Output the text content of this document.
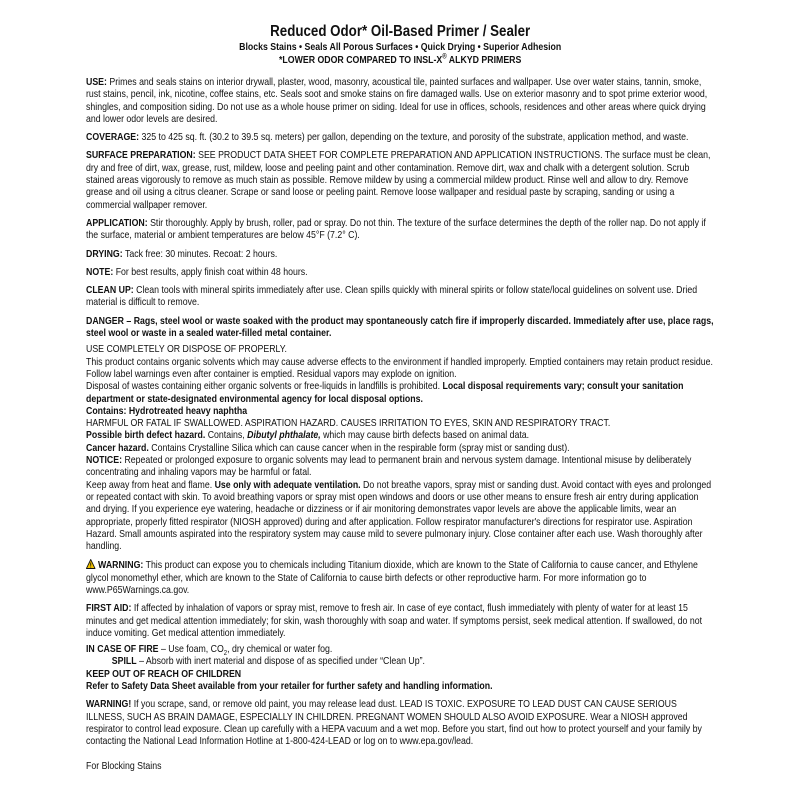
Reduced Odor* Oil-Based Primer / Sealer
Blocks Stains • Seals All Porous Surfaces • Quick Drying • Superior Adhesion
*LOWER ODOR COMPARED TO INSL-X® ALKYD PRIMERS

USE: Primes and seals stains on interior drywall, plaster, wood, masonry, acoustical tile, painted surfaces and wallpaper. Use over water stains, tannin, smoke, rust stains, pencil, ink, nicotine, coffee stains, etc. Seals soot and smoke stains on fire damaged walls. Use on exterior masonry and to spot prime exterior wood, shingles, and composition siding. Do not use as a whole house primer on siding. Ideal for use in offices, schools, residences and other areas where quick drying and lower odor levels are desired.

COVERAGE: 325 to 425 sq. ft. (30.2 to 39.5 sq. meters) per gallon, depending on the texture, and porosity of the substrate, application method, and waste.

SURFACE PREPARATION: SEE PRODUCT DATA SHEET FOR COMPLETE PREPARATION AND APPLICATION INSTRUCTIONS. The surface must be clean, dry and free of dirt, wax, grease, rust, mildew, loose and peeling paint and other contamination. Remove dirt, wax and chalk with a detergent solution. Scrub stained areas vigorously to remove as much stain as possible. Remove mildew by using a commercial mildew product. Rinse well and allow to dry. Remove grease and oil using a citrus cleaner. Scrape or sand loose or peeling paint. Remove loose wallpaper and residual paste by scraping, sanding or using a commercial wallpaper remover.

APPLICATION: Stir thoroughly. Apply by brush, roller, pad or spray. Do not thin. The texture of the surface determines the depth of the roller nap. Do not apply if the surface, material or ambient temperatures are below 45°F (7.2° C).

DRYING: Tack free: 30 minutes. Recoat: 2 hours.

NOTE: For best results, apply finish coat within 48 hours.

CLEAN UP: Clean tools with mineral spirits immediately after use. Clean spills quickly with mineral spirits or follow state/local guidelines on solvent use. Dried material is difficult to remove.

DANGER – Rags, steel wool or waste soaked with the product may spontaneously catch fire if improperly discarded. Immediately after use, place rags, steel wool or waste in a sealed water-filled metal container.

USE COMPLETELY OR DISPOSE OF PROPERLY.

This product contains organic solvents which may cause adverse effects to the environment if handled improperly. Emptied containers may retain product residue. Follow label warnings even after container is emptied. Residual vapors may explode on ignition.

Disposal of wastes containing either organic solvents or free-liquids in landfills is prohibited. Local disposal requirements vary; consult your sanitation department or state-designated environmental agency for local disposal options.

Contains: Hydrotreated heavy naphtha

HARMFUL OR FATAL IF SWALLOWED. ASPIRATION HAZARD. CAUSES IRRITATION TO EYES, SKIN AND RESPIRATORY TRACT.

Possible birth defect hazard. Contains, Dibutyl phthalate, which may cause birth defects based on animal data.

Cancer hazard. Contains Crystalline Silica which can cause cancer when in the respirable form (spray mist or sanding dust).

NOTICE: Repeated or prolonged exposure to organic solvents may lead to permanent brain and nervous system damage. Intentional misuse by deliberately concentrating and inhaling vapors may be harmful or fatal.

Keep away from heat and flame. Use only with adequate ventilation. Do not breathe vapors, spray mist or sanding dust. Avoid contact with eyes and prolonged or repeated contact with skin. To avoid breathing vapors or spray mist open windows and doors or use other means to ensure fresh air entry during application and drying. If you experience eye watering, headache or dizziness or if air monitoring demonstrates vapor levels are above the applicable limits, wear an appropriate, properly fitted respirator (NIOSH approved) during and after application. Follow respirator manufacturer's directions for respirator use. Aspiration Hazard. Small amounts aspirated into the respiratory system may cause mild to severe pulmonary injury. Close container after each use. Wash thoroughly after handling.

WARNING: This product can expose you to chemicals including Titanium dioxide, which are known to the State of California to cause cancer, and Ethylene glycol monomethyl ether, which are known to the State of California to cause birth defects or other reproductive harm. For more information go to www.P65Warnings.ca.gov.

FIRST AID: If affected by inhalation of vapors or spray mist, remove to fresh air. In case of eye contact, flush immediately with plenty of water for at least 15 minutes and get medical attention immediately; for skin, wash thoroughly with soap and water. If symptoms persist, seek medical attention. If swallowed, do not induce vomiting. Get medical attention immediately.

IN CASE OF FIRE – Use foam, $CO_2$, dry chemical or water fog.

SPILL – Absorb with inert material and dispose of as specified under “Clean Up”.

KEEP OUT OF REACH OF CHILDREN

Refer to Safety Data Sheet available from your retailer for further safety and handling information.

WARNING! If you scrape, sand, or remove old paint, you may release lead dust. LEAD IS TOXIC. EXPOSURE TO LEAD DUST CAN CAUSE SERIOUS ILLNESS, SUCH AS BRAIN DAMAGE, ESPECIALLY IN CHILDREN. PREGNANT WOMEN SHOULD ALSO AVOID EXPOSURE. Wear a NIOSH approved respirator to control lead exposure. Clean up carefully with a HEPA vacuum and a wet mop. Before you start, find out how to protect yourself and your family by contacting the National Lead Information Hotline at 1-800-424-LEAD or log on to www.epa.gov/lead.

For Blocking Stains
